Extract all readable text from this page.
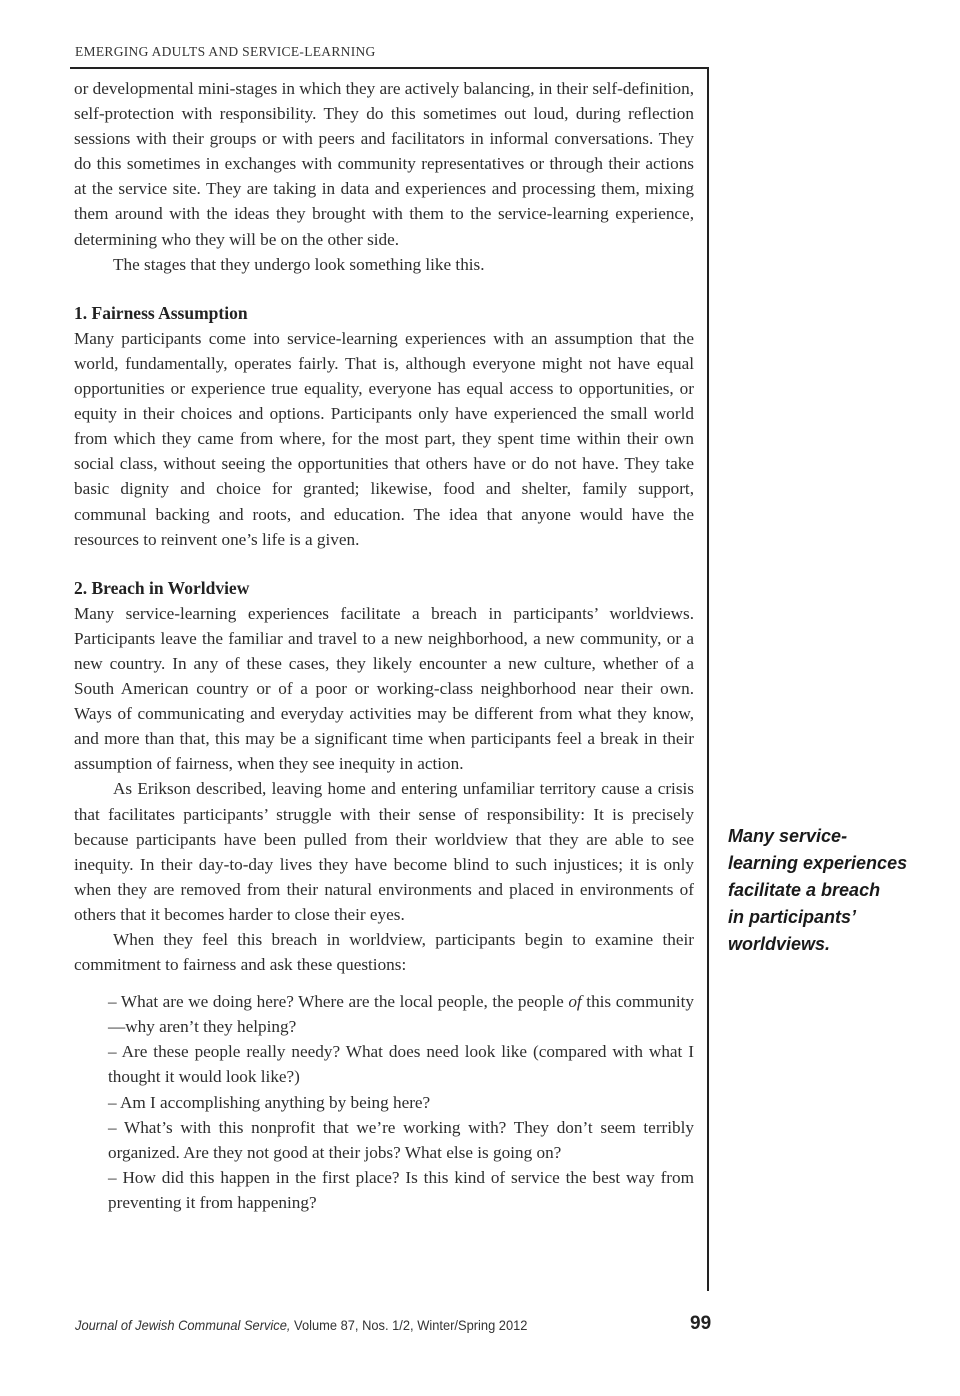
EMERGING ADULTS AND SERVICE-LEARNING

or developmental mini-stages in which they are actively balancing, in their self-definition, self-protection with responsibility. They do this sometimes out loud, during reflection sessions with their groups or with peers and facilitators in informal conversations. They do this sometimes in exchanges with community representatives or through their actions at the service site. They are taking in data and experiences and processing them, mixing them around with the ideas they brought with them to the service-learning experience, determining who they will be on the other side.

The stages that they undergo look something like this.

1. Fairness Assumption

Many participants come into service-learning experiences with an assumption that the world, fundamentally, operates fairly. That is, although everyone might not have equal opportunities or experience true equality, everyone has equal access to opportunities, or equity in their choices and options. Participants only have experienced the small world from which they came from where, for the most part, they spent time within their own social class, without seeing the opportunities that others have or do not have. They take basic dignity and choice for granted; likewise, food and shelter, family support, communal backing and roots, and education. The idea that anyone would have the resources to reinvent one’s life is a given.

2. Breach in Worldview

Many service-learning experiences facilitate a breach in participants’ worldviews. Participants leave the familiar and travel to a new neighborhood, a new community, or a new country. In any of these cases, they likely encounter a new culture, whether of a South American country or of a poor or working-class neighborhood near their own. Ways of communicating and everyday activities may be different from what they know, and more than that, this may be a significant time when participants feel a break in their assumption of fairness, when they see inequity in action.

As Erikson described, leaving home and entering unfamiliar territory cause a crisis that facilitates participants’ struggle with their sense of responsibility: It is precisely because participants have been pulled from their worldview that they are able to see inequity. In their day-to-day lives they have become blind to such injustices; it is only when they are removed from their natural environments and placed in environments of others that it becomes harder to close their eyes.

When they feel this breach in worldview, participants begin to examine their commitment to fairness and ask these questions:

– What are we doing here? Where are the local people, the people of this community—why aren’t they helping?

– Are these people really needy? What does need look like (compared with what I thought it would look like?)

– Am I accomplishing anything by being here?

– What’s with this nonprofit that we’re working with? They don’t seem terribly organized. Are they not good at their jobs? What else is going on?

– How did this happen in the first place? Is this kind of service the best way from preventing it from happening?

Many service-
learning experiences
facilitate a breach
in participants’
worldviews.
Journal of Jewish Communal Service, Volume 87, Nos. 1/2, Winter/Spring 2012	99
